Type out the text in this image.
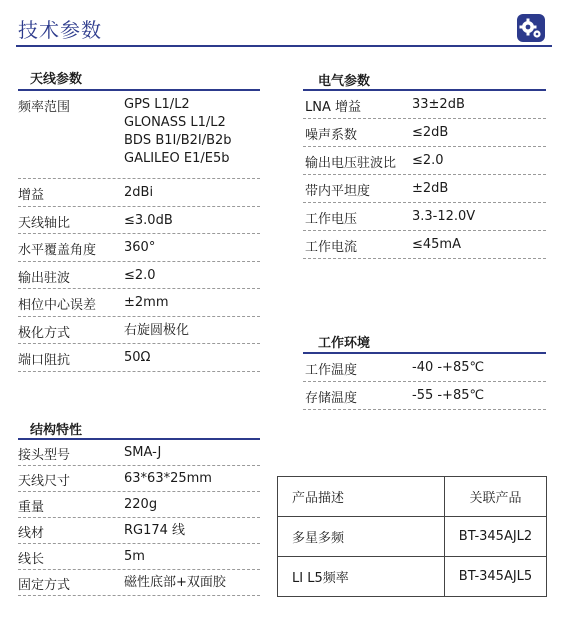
技术参数
天线参数
频率范围	GPS L1/L2
GLONASS L1/L2
BDS B1I/B2I/B2b
GALILEO E1/E5b
增益	2dBi
天线轴比	≤3.0dB
水平覆盖角度	360°
输出驻波	≤2.0
相位中心误差	±2mm
极化方式	右旋圆极化
端口阻抗	50Ω
电气参数
LNA 增益	33±2dB
噪声系数	≤2dB
输出电压驻波比	≤2.0
带内平坦度	±2dB
工作电压	3.3-12.0V
工作电流	≤45mA
工作环境
工作温度	-40 -+85℃
存储温度	-55 -+85℃
结构特性
接头型号	SMA-J
天线尺寸	63*63*25mm
重量	220g
线材	RG174 线
线长	5m
固定方式	磁性底部+双面胶
产品描述	关联产品
多星多频	BT-345AJL2
LI L5频率	BT-345AJL5
